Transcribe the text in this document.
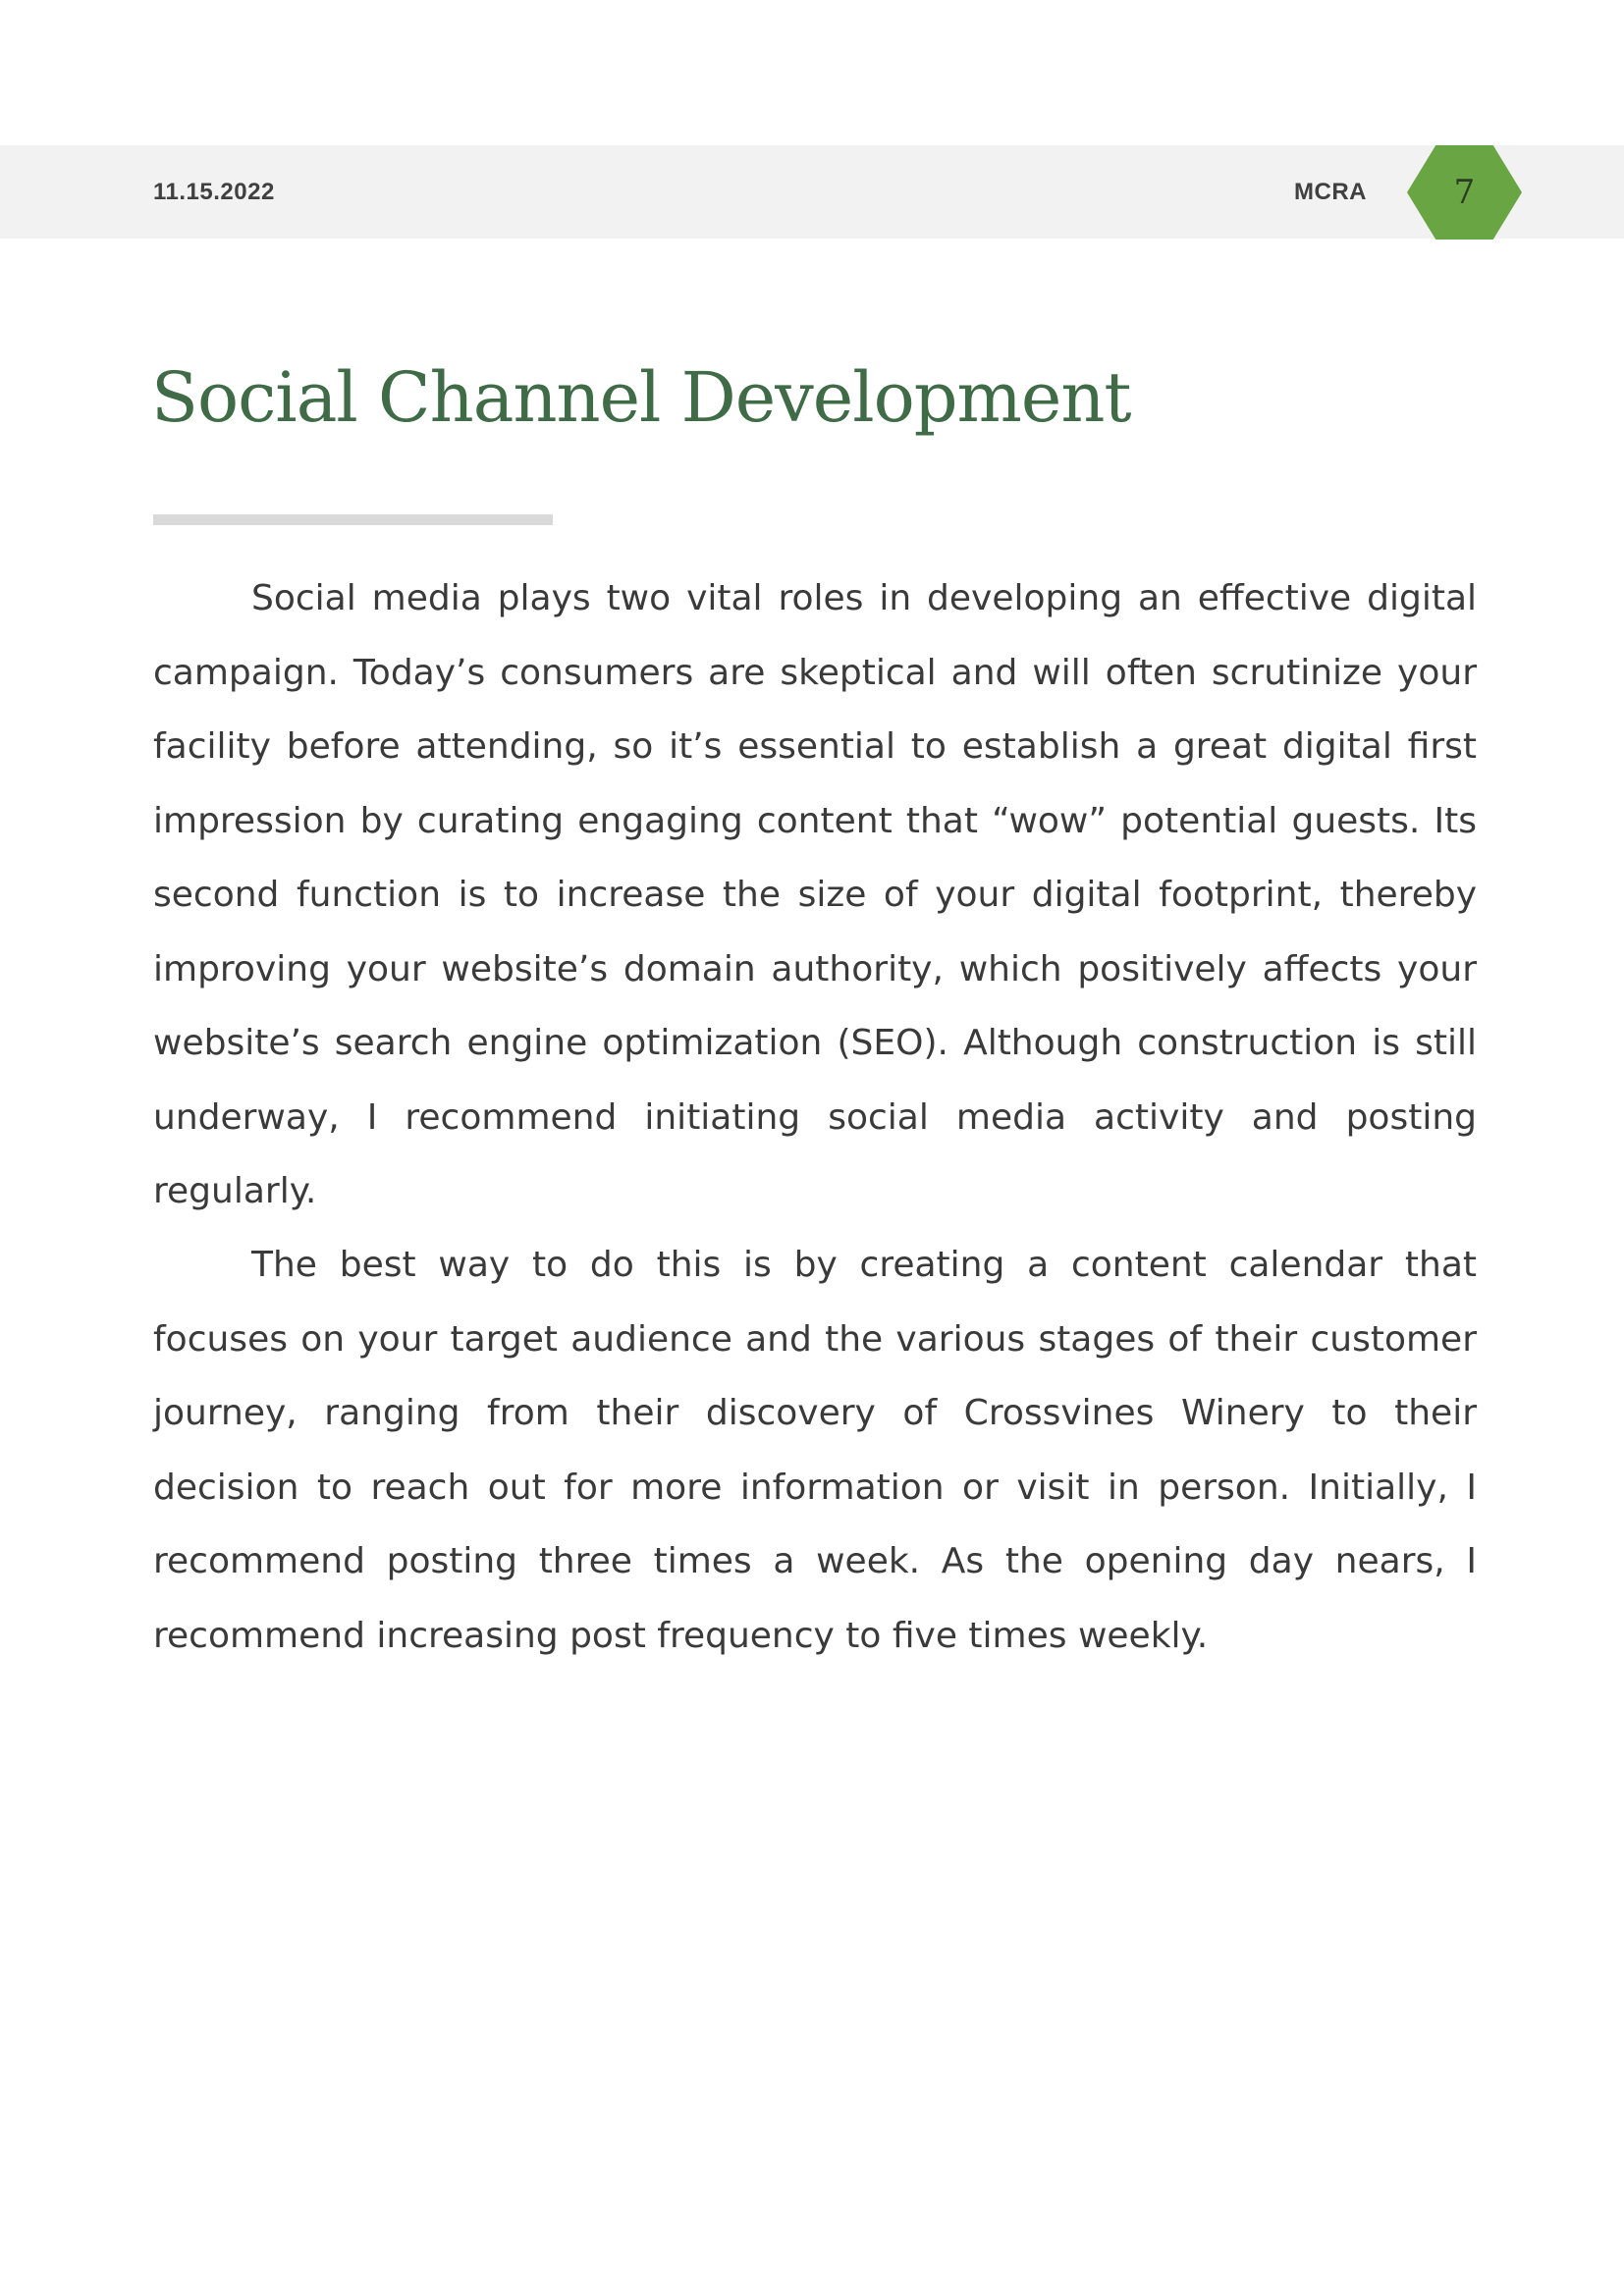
11.15.2022	MCRA	7
Social Channel Development

Social media plays two vital roles in developing an effective digital campaign. Today’s consumers are skeptical and will often scrutinize your facility before attending, so it’s essential to establish a great digital first impression by curating engaging content that “wow” potential guests. Its second function is to increase the size of your digital footprint, thereby improving your website’s domain authority, which positively affects your website’s search engine optimization (SEO). Although construction is still underway, I recommend initiating social media activity and posting regularly.

The best way to do this is by creating a content calendar that focuses on your target audience and the various stages of their customer journey, ranging from their discovery of Crossvines Winery to their decision to reach out for more information or visit in person. Initially, I recommend posting three times a week. As the opening day nears, I recommend increasing post frequency to five times weekly.
